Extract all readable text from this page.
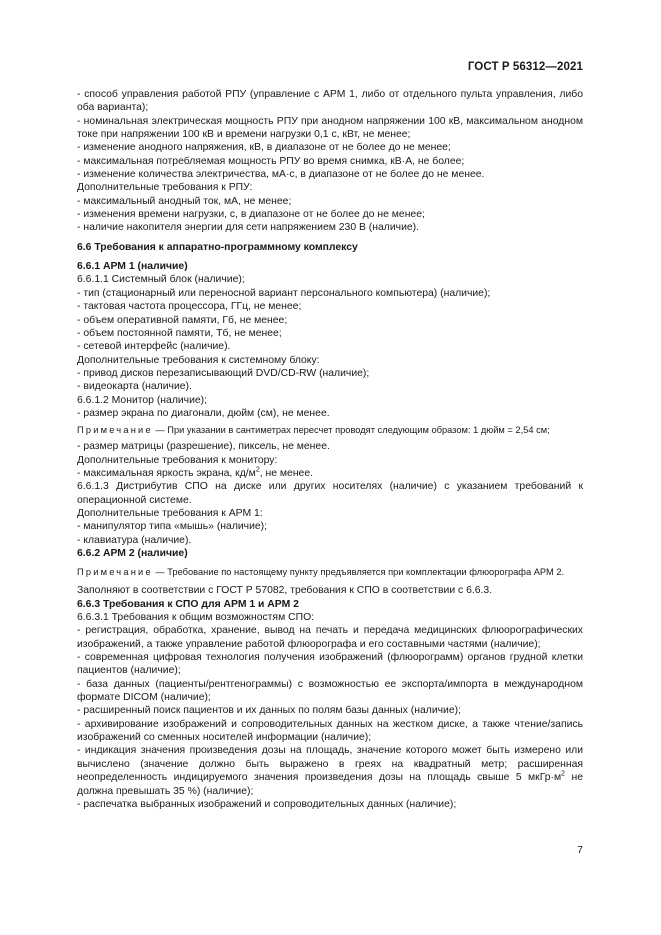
ГОСТ Р 56312—2021

- способ управления работой РПУ (управление с АРМ 1, либо от отдельного пульта управления, либо оба варианта);

- номинальная электрическая мощность РПУ при анодном напряжении 100 кВ, максимальном анодном токе при напряжении 100 кВ и времени нагрузки 0,1 с, кВт, не менее;

- изменение анодного напряжения, кВ, в диапазоне от не более до не менее;

- максимальная потребляемая мощность РПУ во время снимка, кВ·А, не более;

- изменение количества электричества, мА·с, в диапазоне от не более до не менее.

Дополнительные требования к РПУ:

- максимальный анодный ток, мА, не менее;

- изменения времени нагрузки, с, в диапазоне от не более до не менее;

- наличие накопителя энергии для сети напряжением 230 В (наличие).

6.6 Требования к аппаратно-программному комплексу

6.6.1 АРМ 1 (наличие)

6.6.1.1 Системный блок (наличие);

- тип (стационарный или переносной вариант персонального компьютера) (наличие);

- тактовая частота процессора, ГГц, не менее;

- объем оперативной памяти, Гб, не менее;

- объем постоянной памяти, Тб, не менее;

- сетевой интерфейс (наличие).

Дополнительные требования к системному блоку:

- привод дисков перезаписывающий DVD/CD-RW (наличие);

- видеокарта (наличие).

6.6.1.2 Монитор (наличие);

- размер экрана по диагонали, дюйм (см), не менее.

Примечание — При указании в сантиметрах пересчет проводят следующим образом: 1 дюйм = 2,54 см;

- размер матрицы (разрешение), пиксель, не менее.

Дополнительные требования к монитору:

- максимальная яркость экрана, $кд/м^2$, не менее.

6.6.1.3 Дистрибутив СПО на диске или других носителях (наличие) с указанием требований к операционной системе.

Дополнительные требования к АРМ 1:

- манипулятор типа «мышь» (наличие);

- клавиатура (наличие).

6.6.2 АРМ 2 (наличие)

Примечание — Требование по настоящему пункту предъявляется при комплектации флюорографа АРМ 2.

Заполняют в соответствии с ГОСТ Р 57082, требования к СПО в соответствии с 6.6.3.

6.6.3 Требования к СПО для АРМ 1 и АРМ 2

6.6.3.1 Требования к общим возможностям СПО:

- регистрация, обработка, хранение, вывод на печать и передача медицинских флюорографических изображений, а также управление работой флюорографа и его составными частями (наличие);

- современная цифровая технология получения изображений (флюорограмм) органов грудной клетки пациентов (наличие);

- база данных (пациенты/рентгенограммы) с возможностью ее экспорта/импорта в международном формате DICOM (наличие);

- расширенный поиск пациентов и их данных по полям базы данных (наличие);

- архивирование изображений и сопроводительных данных на жестком диске, а также чтение/запись изображений со сменных носителей информации (наличие);

- индикация значения произведения дозы на площадь, значение которого может быть измерено или вычислено (значение должно быть выражено в греях на квадратный метр; расширенная неопределенность индицируемого значения произведения дозы на площадь свыше 5 $мкГр\cdot м^2$ не должна превышать 35 %) (наличие);

- распечатка выбранных изображений и сопроводительных данных (наличие);

7
